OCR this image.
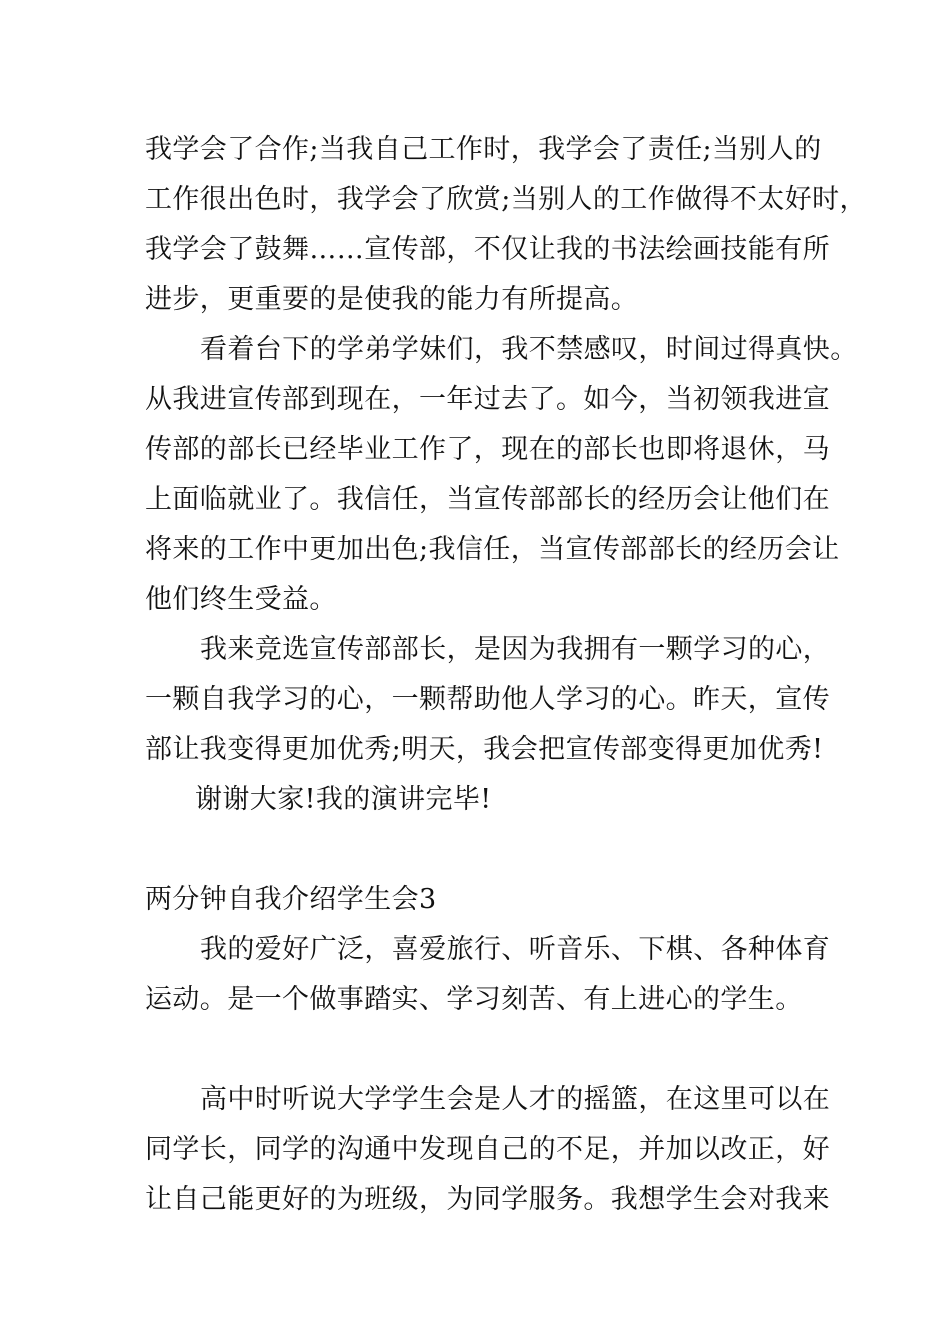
我学会了合作;当我自己工作时，我学会了责任;当别人的
工作很出色时，我学会了欣赏;当别人的工作做得不太好时，
我学会了鼓舞……宣传部，不仅让我的书法绘画技能有所
进步，更重要的是使我的能力有所提高。
看着台下的学弟学妹们，我不禁感叹，时间过得真快。
从我进宣传部到现在，一年过去了。如今，当初领我进宣
传部的部长已经毕业工作了，现在的部长也即将退休，马
上面临就业了。我信任，当宣传部部长的经历会让他们在
将来的工作中更加出色;我信任，当宣传部部长的经历会让
他们终生受益。
我来竞选宣传部部长，是因为我拥有一颗学习的心，
一颗自我学习的心，一颗帮助他人学习的心。昨天，宣传
部让我变得更加优秀;明天，我会把宣传部变得更加优秀!
谢谢大家!我的演讲完毕!
两分钟自我介绍学生会3
我的爱好广泛，喜爱旅行、听音乐、下棋、各种体育
运动。是一个做事踏实、学习刻苦、有上进心的学生。
高中时听说大学学生会是人才的摇篮，在这里可以在
同学长，同学的沟通中发现自己的不足，并加以改正，好
让自己能更好的为班级，为同学服务。我想学生会对我来
